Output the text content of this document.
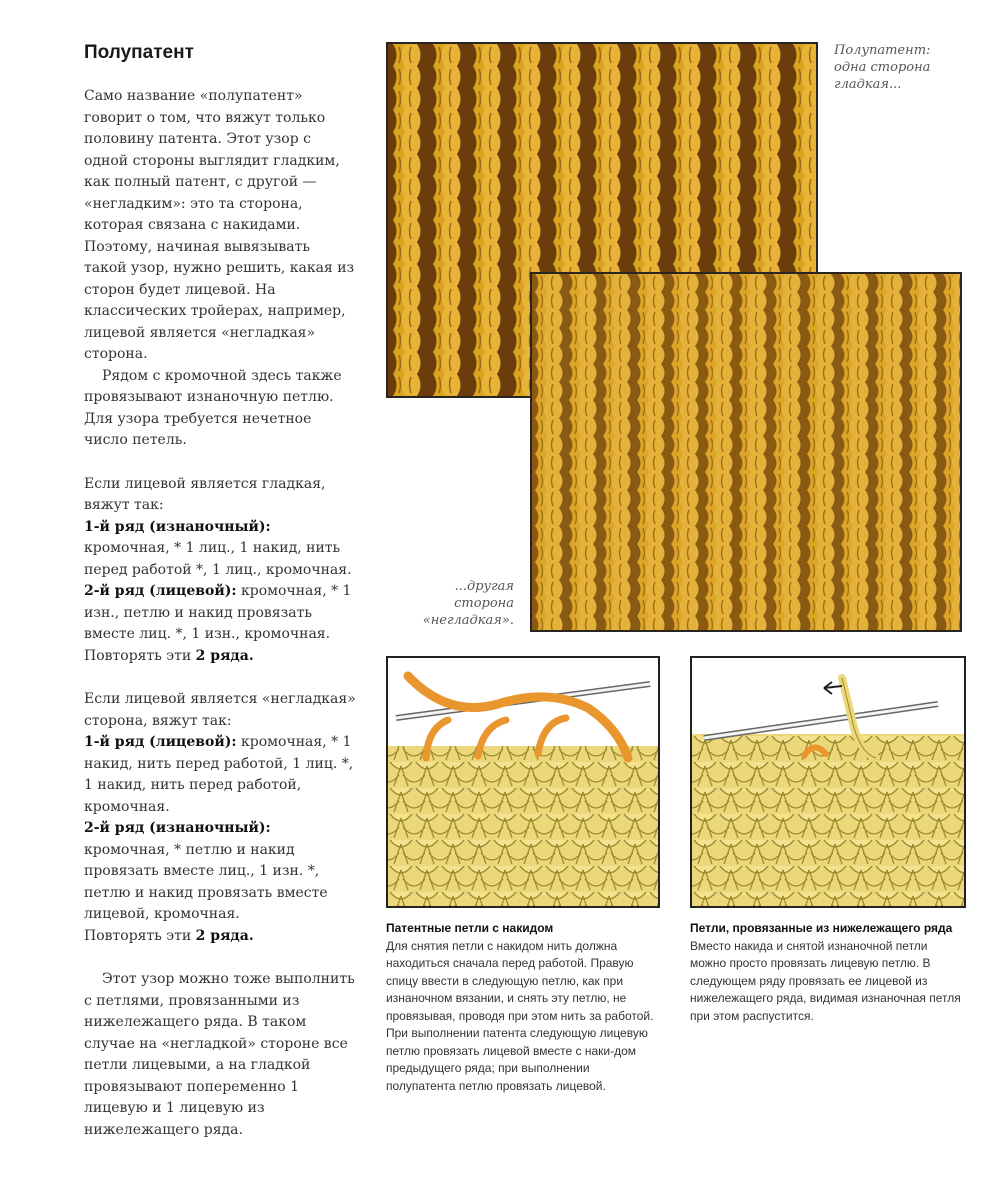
Полупатент

Само название «полупатент» говорит о том, что вяжут только половину патента. Этот узор с одной стороны выглядит гладким, как полный патент, с другой — «негладким»: это та сторона, которая связана с накидами. Поэтому, начиная вывязывать такой узор, нужно решить, какая из сторон будет лицевой. На классических тройерах, например, лицевой является «негладкая» сторона.

Рядом с кромочной здесь также провязывают изнаночную петлю. Для узора требуется нечетное число петель.

Если лицевой является гладкая, вяжут так:

1-й ряд (изнаночный): кромочная, * 1 лиц., 1 накид, нить перед работой *, 1 лиц., кромочная.

2-й ряд (лицевой): кромочная, * 1 изн., петлю и накид провязать вместе лиц. *, 1 изн., кромочная.

Повторять эти 2 ряда.

Если лицевой является «негладкая» сторона, вяжут так:

1-й ряд (лицевой): кромочная, * 1 накид, нить перед работой, 1 лиц. *, 1 накид, нить перед работой, кромочная.

2-й ряд (изнаночный): кромочная, * петлю и накид провязать вместе лиц., 1 изн. *, петлю и накид провязать вместе лицевой, кромочная.

Повторять эти 2 ряда.

Этот узор можно тоже выполнить с петлями, провязанными из нижележащего ряда. В таком случае на «негладкой» стороне все петли лицевыми, а на гладкой провязывают попеременно 1 лицевую и 1 лицевую из нижележащего ряда.

Полупатент:
одна сторона
гладкая...
...другая
сторона
«негладкая».
Патентные петли с накидом
Для снятия петли с накидом нить должна находиться сначала перед работой. Правую спицу ввести в следующую петлю, как при изнаночном вязании, и снять эту петлю, не провязывая, проводя при этом нить за работой. При выполнении патента следующую лицевую петлю провязать лицевой вместе с наки-дом предыдущего ряда; при выполнении полупатента петлю провязать лицевой.
Петли, провязанные из нижележащего ряда
Вместо накида и снятой изнаночной петли можно просто провязать лицевую петлю. В следующем ряду провязать ее лицевой из нижележащего ряда, видимая изнаночная петля при этом распустится.
